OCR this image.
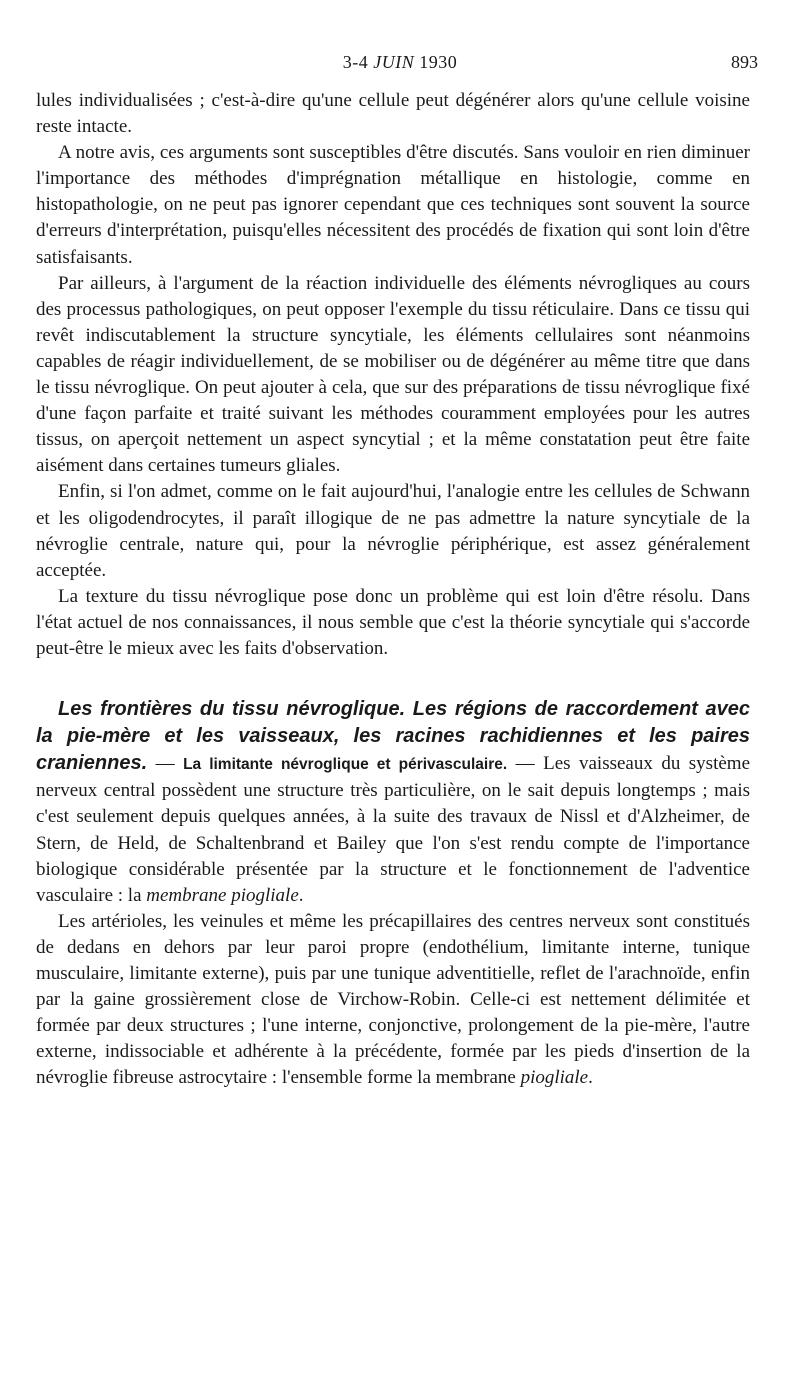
3-4 JUIN 1930	893

lules individualisées ; c'est-à-dire qu'une cellule peut dégénérer alors qu'une cellule voisine reste intacte.

A notre avis, ces arguments sont susceptibles d'être discutés. Sans vouloir en rien diminuer l'importance des méthodes d'imprégnation métallique en histologie, comme en histopathologie, on ne peut pas ignorer cependant que ces techniques sont souvent la source d'erreurs d'interprétation, puisqu'elles nécessitent des procédés de fixation qui sont loin d'être satisfaisants.

Par ailleurs, à l'argument de la réaction individuelle des éléments névrogliques au cours des processus pathologiques, on peut opposer l'exemple du tissu réticulaire. Dans ce tissu qui revêt indiscutablement la structure syncytiale, les éléments cellulaires sont néanmoins capables de réagir individuellement, de se mobiliser ou de dégénérer au même titre que dans le tissu névroglique. On peut ajouter à cela, que sur des préparations de tissu névroglique fixé d'une façon parfaite et traité suivant les méthodes couramment employées pour les autres tissus, on aperçoit nettement un aspect syncytial ; et la même constatation peut être faite aisément dans certaines tumeurs gliales.

Enfin, si l'on admet, comme on le fait aujourd'hui, l'analogie entre les cellules de Schwann et les oligodendrocytes, il paraît illogique de ne pas admettre la nature syncytiale de la névroglie centrale, nature qui, pour la névroglie périphérique, est assez généralement acceptée.

La texture du tissu névroglique pose donc un problème qui est loin d'être résolu. Dans l'état actuel de nos connaissances, il nous semble que c'est la théorie syncytiale qui s'accorde peut-être le mieux avec les faits d'observation.

Les frontières du tissu névroglique. Les régions de raccordement avec la pie-mère et les vaisseaux, les racines rachidiennes et les paires craniennes. — La limitante névroglique et périvasculaire. — Les vaisseaux du système nerveux central possèdent une structure très particulière, on le sait depuis longtemps ; mais c'est seulement depuis quelques années, à la suite des travaux de Nissl et d'Alzheimer, de Stern, de Held, de Schaltenbrand et Bailey que l'on s'est rendu compte de l'importance biologique considérable présentée par la structure et le fonctionnement de l'adventice vasculaire : la membrane piogliale.

Les artérioles, les veinules et même les précapillaires des centres nerveux sont constitués de dedans en dehors par leur paroi propre (endothélium, limitante interne, tunique musculaire, limitante externe), puis par une tunique adventitielle, reflet de l'arachnoïde, enfin par la gaine grossièrement close de Virchow-Robin. Celle-ci est nettement délimitée et formée par deux structures ; l'une interne, conjonctive, prolongement de la pie-mère, l'autre externe, indissociable et adhérente à la précédente, formée par les pieds d'insertion de la névroglie fibreuse astrocytaire : l'ensemble forme la membrane piogliale.
